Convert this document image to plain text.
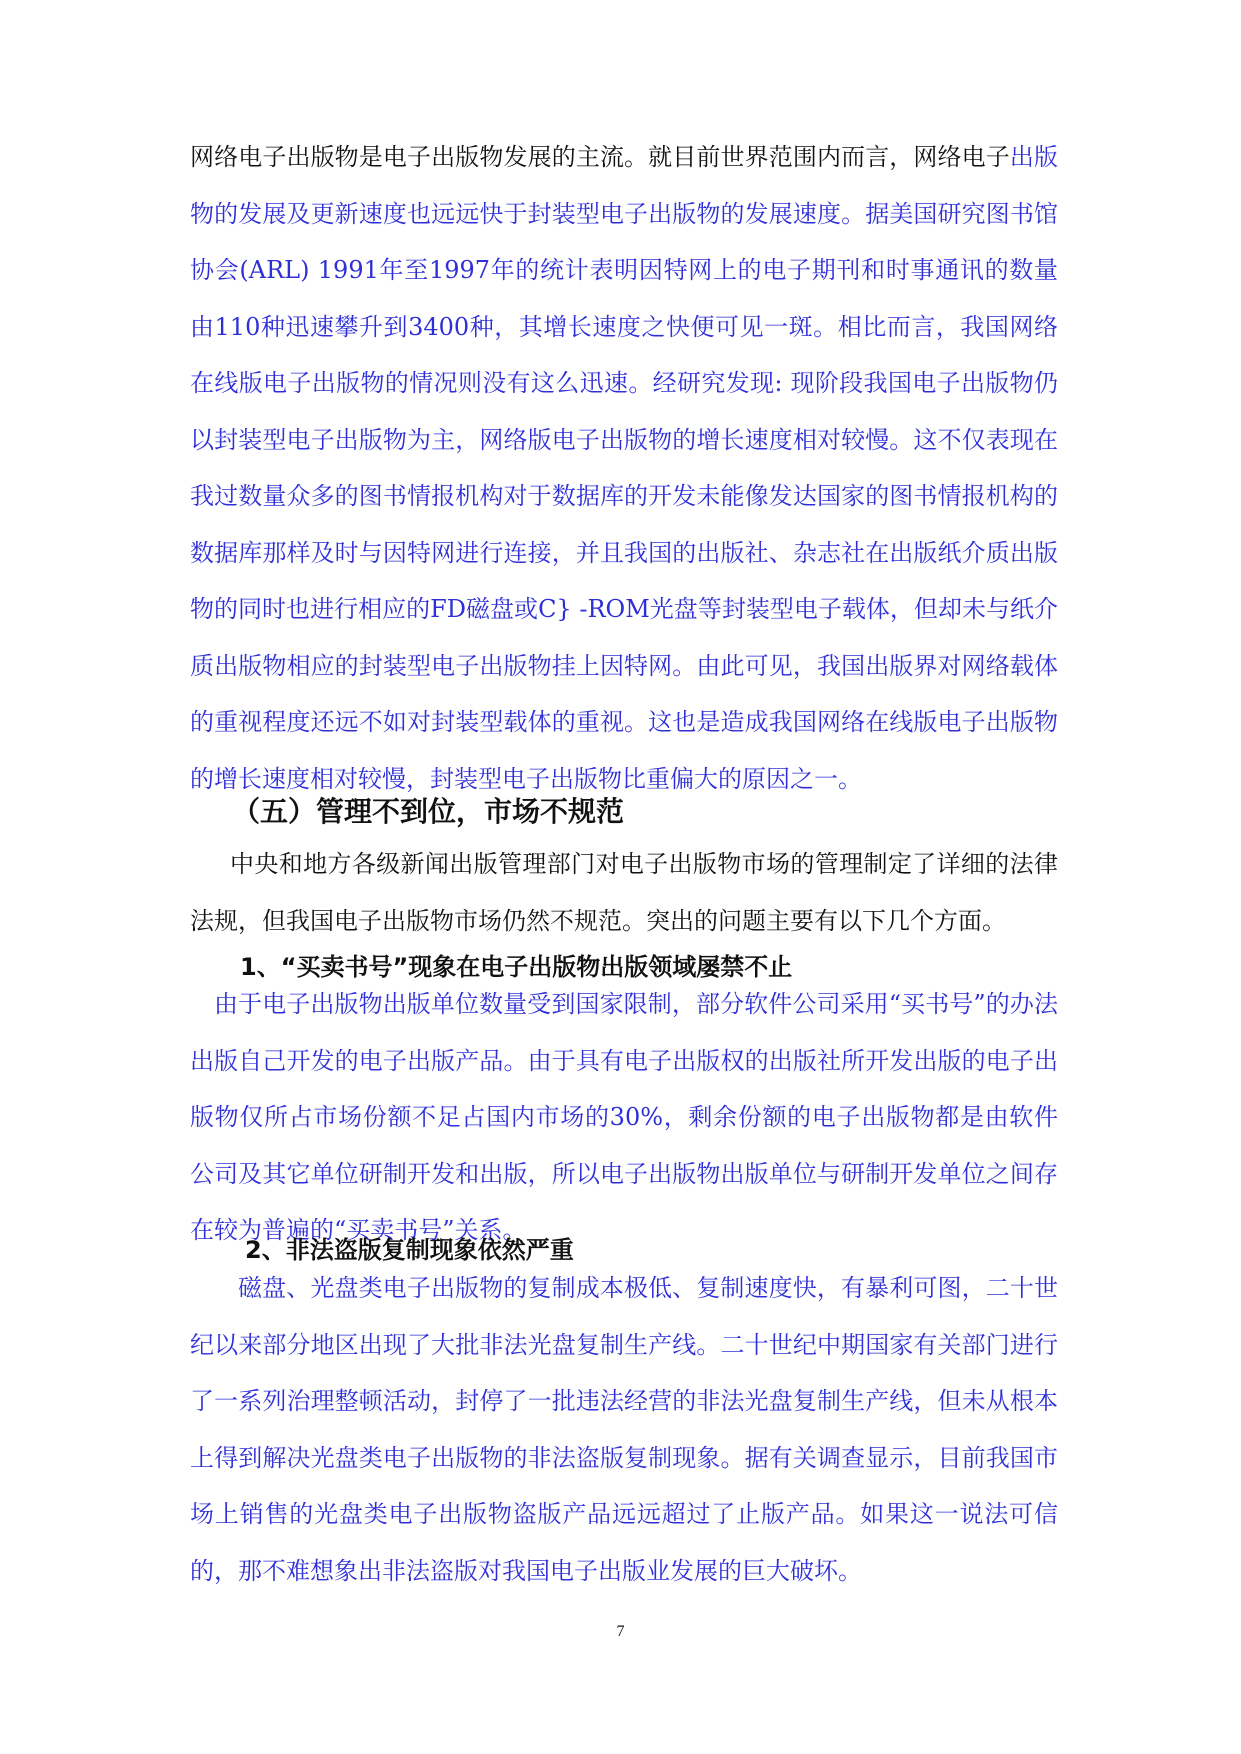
网络电子出版物是电子出版物发展的主流。就目前世界范围内而言，网络电子出版物的发展及更新速度也远远快于封装型电子出版物的发展速度。据美国研究图书馆协会(ARL) 1991年至1997年的统计表明因特网上的电子期刊和时事通讯的数量由110种迅速攀升到3400种，其增长速度之快便可见一斑。相比而言，我国网络在线版电子出版物的情况则没有这么迅速。经研究发现: 现阶段我国电子出版物仍以封装型电子出版物为主，网络版电子出版物的增长速度相对较慢。这不仅表现在我过数量众多的图书情报机构对于数据库的开发未能像发达国家的图书情报机构的数据库那样及时与因特网进行连接，并且我国的出版社、杂志社在出版纸介质出版物的同时也进行相应的FD磁盘或C} -ROM光盘等封装型电子载体，但却未与纸介质出版物相应的封装型电子出版物挂上因特网。由此可见，我国出版界对网络载体的重视程度还远不如对封装型载体的重视。这也是造成我国网络在线版电子出版物的增长速度相对较慢，封装型电子出版物比重偏大的原因之一。

（五）管理不到位，市场不规范

中央和地方各级新闻出版管理部门对电子出版物市场的管理制定了详细的法律法规，但我国电子出版物市场仍然不规范。突出的问题主要有以下几个方面。

1、“买卖书号”现象在电子出版物出版领域屡禁不止

由于电子出版物出版单位数量受到国家限制，部分软件公司采用“买书号”的办法出版自己开发的电子出版产品。由于具有电子出版权的出版社所开发出版的电子出版物仅所占市场份额不足占国内市场的30%，剩余份额的电子出版物都是由软件公司及其它单位研制开发和出版，所以电子出版物出版单位与研制开发单位之间存在较为普遍的“买卖书号”关系。

2、非法盗版复制现象依然严重

磁盘、光盘类电子出版物的复制成本极低、复制速度快，有暴利可图，二十世纪以来部分地区出现了大批非法光盘复制生产线。二十世纪中期国家有关部门进行了一系列治理整顿活动，封停了一批违法经营的非法光盘复制生产线，但未从根本上得到解决光盘类电子出版物的非法盗版复制现象。据有关调查显示，目前我国市场上销售的光盘类电子出版物盗版产品远远超过了止版产品。如果这一说法可信的，那不难想象出非法盗版对我国电子出版业发展的巨大破坏。

7
